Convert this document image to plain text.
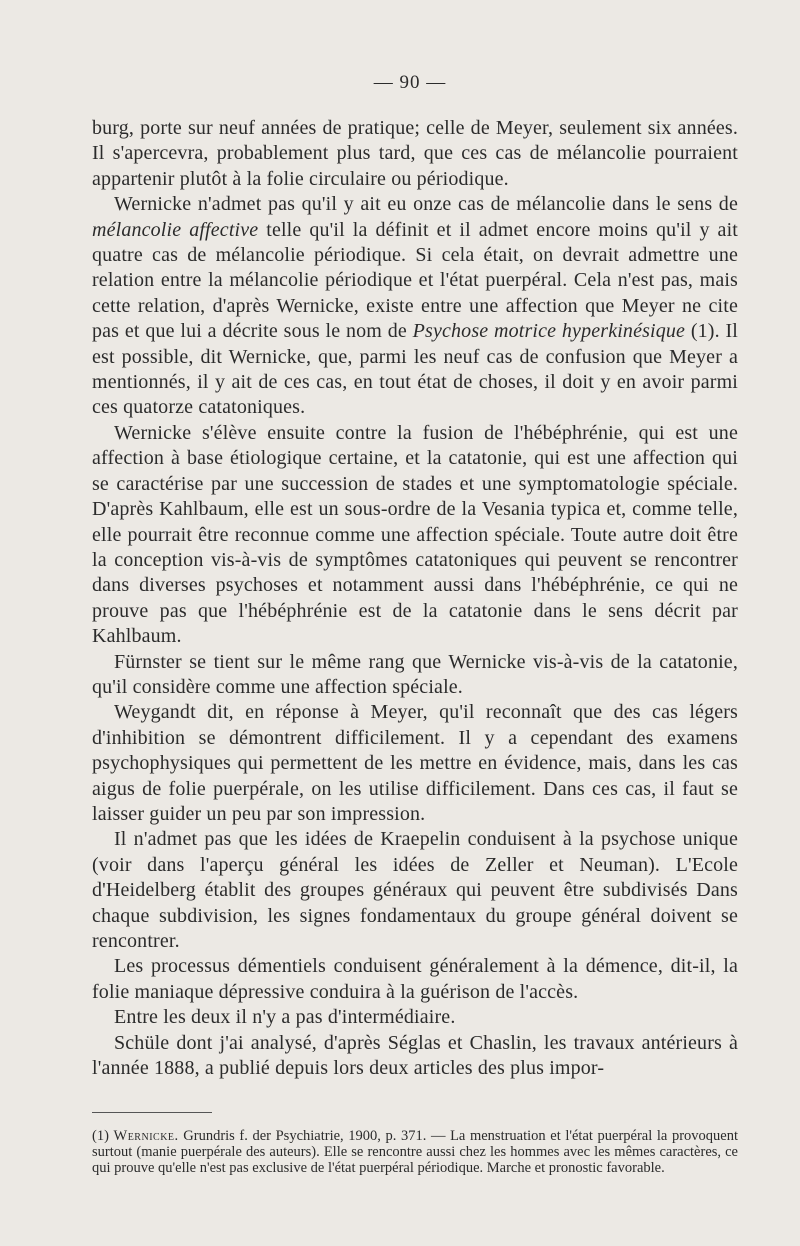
— 90 —

burg, porte sur neuf années de pratique; celle de Meyer, seulement six années. Il s'apercevra, probablement plus tard, que ces cas de mélancolie pourraient appartenir plutôt à la folie circulaire ou périodique.

Wernicke n'admet pas qu'il y ait eu onze cas de mélancolie dans le sens de mélancolie affective telle qu'il la définit et il admet encore moins qu'il y ait quatre cas de mélancolie périodique. Si cela était, on devrait admettre une relation entre la mélancolie périodique et l'état puerpéral. Cela n'est pas, mais cette relation, d'après Wernicke, existe entre une affection que Meyer ne cite pas et que lui a décrite sous le nom de Psychose motrice hyperkinésique (1). Il est possible, dit Wernicke, que, parmi les neuf cas de confusion que Meyer a mentionnés, il y ait de ces cas, en tout état de choses, il doit y en avoir parmi ces quatorze catatoniques.

Wernicke s'élève ensuite contre la fusion de l'hébéphrénie, qui est une affection à base étiologique certaine, et la catatonie, qui est une affection qui se caractérise par une succession de stades et une symptomatologie spéciale. D'après Kahlbaum, elle est un sous-ordre de la Vesania typica et, comme telle, elle pourrait être reconnue comme une affection spéciale. Toute autre doit être la conception vis-à-vis de symptômes catatoniques qui peuvent se rencontrer dans diverses psychoses et notamment aussi dans l'hébéphrénie, ce qui ne prouve pas que l'hébéphrénie est de la catatonie dans le sens décrit par Kahlbaum.

Fürnster se tient sur le même rang que Wernicke vis-à-vis de la catatonie, qu'il considère comme une affection spéciale.

Weygandt dit, en réponse à Meyer, qu'il reconnaît que des cas légers d'inhibition se démontrent difficilement. Il y a cependant des examens psychophysiques qui permettent de les mettre en évidence, mais, dans les cas aigus de folie puerpérale, on les utilise difficilement. Dans ces cas, il faut se laisser guider un peu par son impression.

Il n'admet pas que les idées de Kraepelin conduisent à la psychose unique (voir dans l'aperçu général les idées de Zeller et Neuman). L'Ecole d'Heidelberg établit des groupes généraux qui peuvent être subdivisés Dans chaque subdivision, les signes fondamentaux du groupe général doivent se rencontrer.

Les processus démentiels conduisent généralement à la démence, dit-il, la folie maniaque dépressive conduira à la guérison de l'accès.

Entre les deux il n'y a pas d'intermédiaire.

Schüle dont j'ai analysé, d'après Séglas et Chaslin, les travaux antérieurs à l'année 1888, a publié depuis lors deux articles des plus impor-

(1) Wernicke. Grundris f. der Psychiatrie, 1900, p. 371. — La menstruation et l'état puerpéral la provoquent surtout (manie puerpérale des auteurs). Elle se rencontre aussi chez les hommes avec les mêmes caractères, ce qui prouve qu'elle n'est pas exclusive de l'état puerpéral périodique. Marche et pronostic favorable.
